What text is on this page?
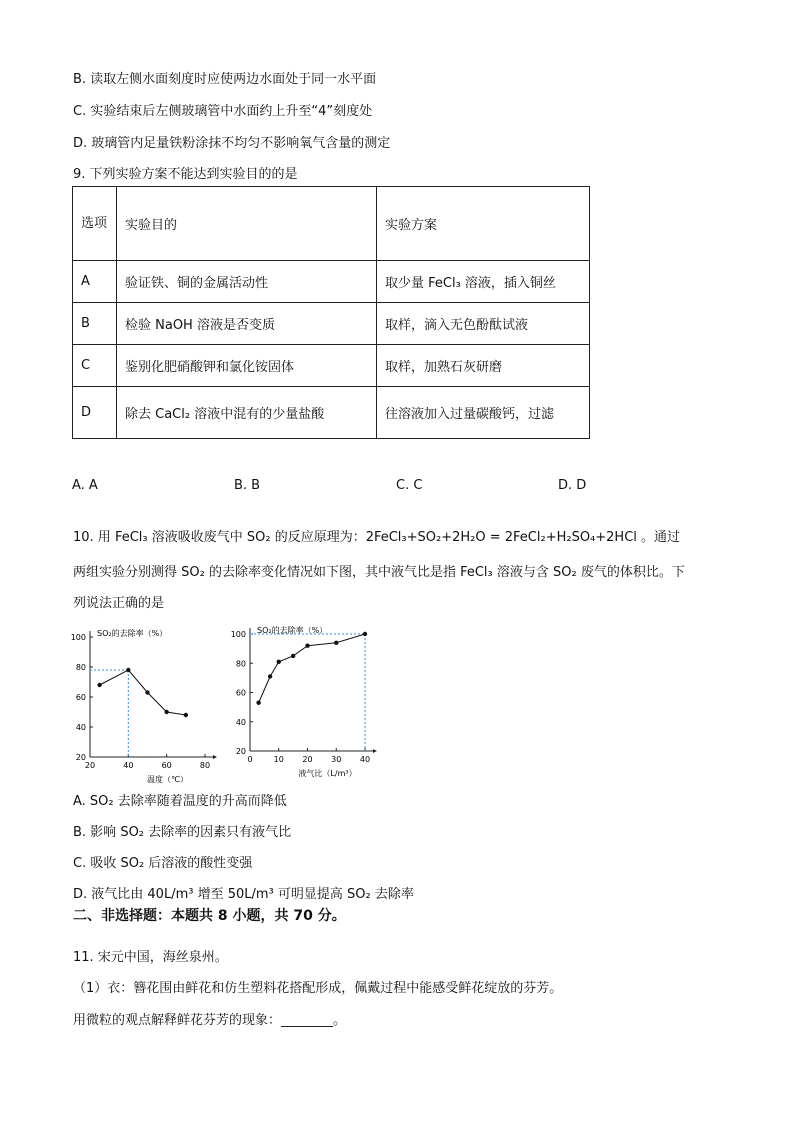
B. 读取左侧水面刻度时应使两边水面处于同一水平面
C. 实验结束后左侧玻璃管中水面约上升至“4”刻度处
D. 玻璃管内足量铁粉涂抹不均匀不影响氧气含量的测定
9. 下列实验方案不能达到实验目的的是
选项	实验目的	实验方案
A	验证铁、铜的金属活动性	取少量 FeCl₃ 溶液，插入铜丝
B	检验 NaOH 溶液是否变质	取样，滴入无色酚酞试液
C	鉴别化肥硝酸钾和氯化铵固体	取样，加熟石灰研磨
D	除去 CaCl₂ 溶液中混有的少量盐酸	往溶液加入过量碳酸钙，过滤
A. A	B. B	C. C	D. D
10. 用 FeCl₃ 溶液吸收废气中 SO₂ 的反应原理为：2FeCl₃+SO₂+2H₂O = 2FeCl₂+H₂SO₄+2HCl 。通过
两组实验分别测得 SO₂ 的去除率变化情况如下图，其中液气比是指 FeCl₃ 溶液与含 SO₂ 废气的体积比。下
列说法正确的是
20
40
60
80
100
20	40	60	80
SO₂的去除率（%）
温度（℃）
20
40
60
80
100
0	10 20 30 40
SO₂的去除率（%）
液气比（L/m³）
A. SO₂ 去除率随着温度的升高而降低
B. 影响 SO₂ 去除率的因素只有液气比
C. 吸收 SO₂ 后溶液的酸性变强
D. 液气比由 40L/m³ 增至 50L/m³ 可明显提高 SO₂ 去除率
二、非选择题：本题共 8 小题，共 70 分。
11. 宋元中国，海丝泉州。
（1）衣：簪花围由鲜花和仿生塑料花搭配形成，佩戴过程中能感受鲜花绽放的芬芳。
用微粒的观点解释鲜花芬芳的现象：________。
